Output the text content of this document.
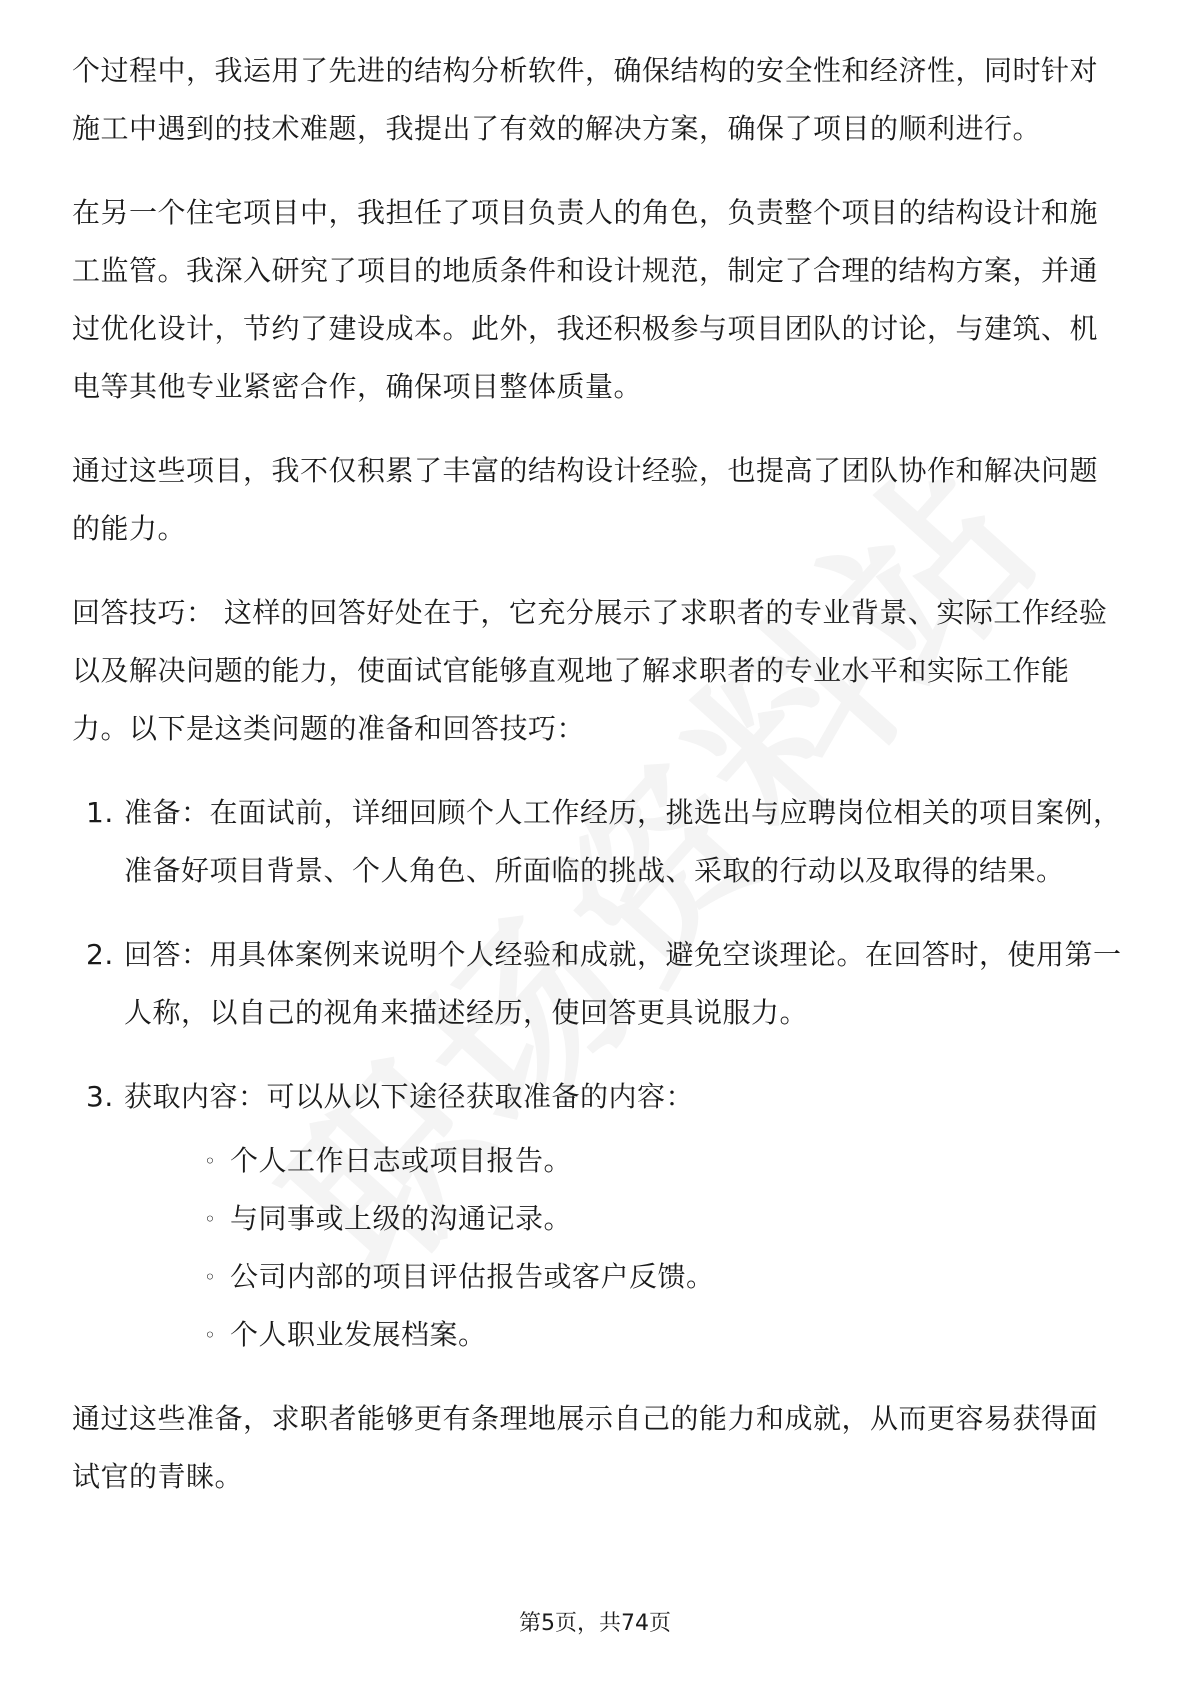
个过程中，我运用了先进的结构分析软件，确保结构的安全性和经济性，同时针对施工中遇到的技术难题，我提出了有效的解决方案，确保了项目的顺利进行。

在另一个住宅项目中，我担任了项目负责人的角色，负责整个项目的结构设计和施工监管。我深入研究了项目的地质条件和设计规范，制定了合理的结构方案，并通过优化设计，节约了建设成本。此外，我还积极参与项目团队的讨论，与建筑、机电等其他专业紧密合作，确保项目整体质量。

通过这些项目，我不仅积累了丰富的结构设计经验，也提高了团队协作和解决问题的能力。

回答技巧： 这样的回答好处在于，它充分展示了求职者的专业背景、实际工作经验以及解决问题的能力，使面试官能够直观地了解求职者的专业水平和实际工作能力。以下是这类问题的准备和回答技巧：

1. 准备：在面试前，详细回顾个人工作经历，挑选出与应聘岗位相关的项目案例，准备好项目背景、个人角色、所面临的挑战、采取的行动以及取得的结果。
2. 回答：用具体案例来说明个人经验和成就，避免空谈理论。在回答时，使用第一人称，以自己的视角来描述经历，使回答更具说服力。
3. 获取内容：可以从以下途径获取准备的内容：
◦ 个人工作日志或项目报告。
◦ 与同事或上级的沟通记录。
◦ 公司内部的项目评估报告或客户反馈。
◦ 个人职业发展档案。

通过这些准备，求职者能够更有条理地展示自己的能力和成就，从而更容易获得面试官的青睐。

第5页，共74页
